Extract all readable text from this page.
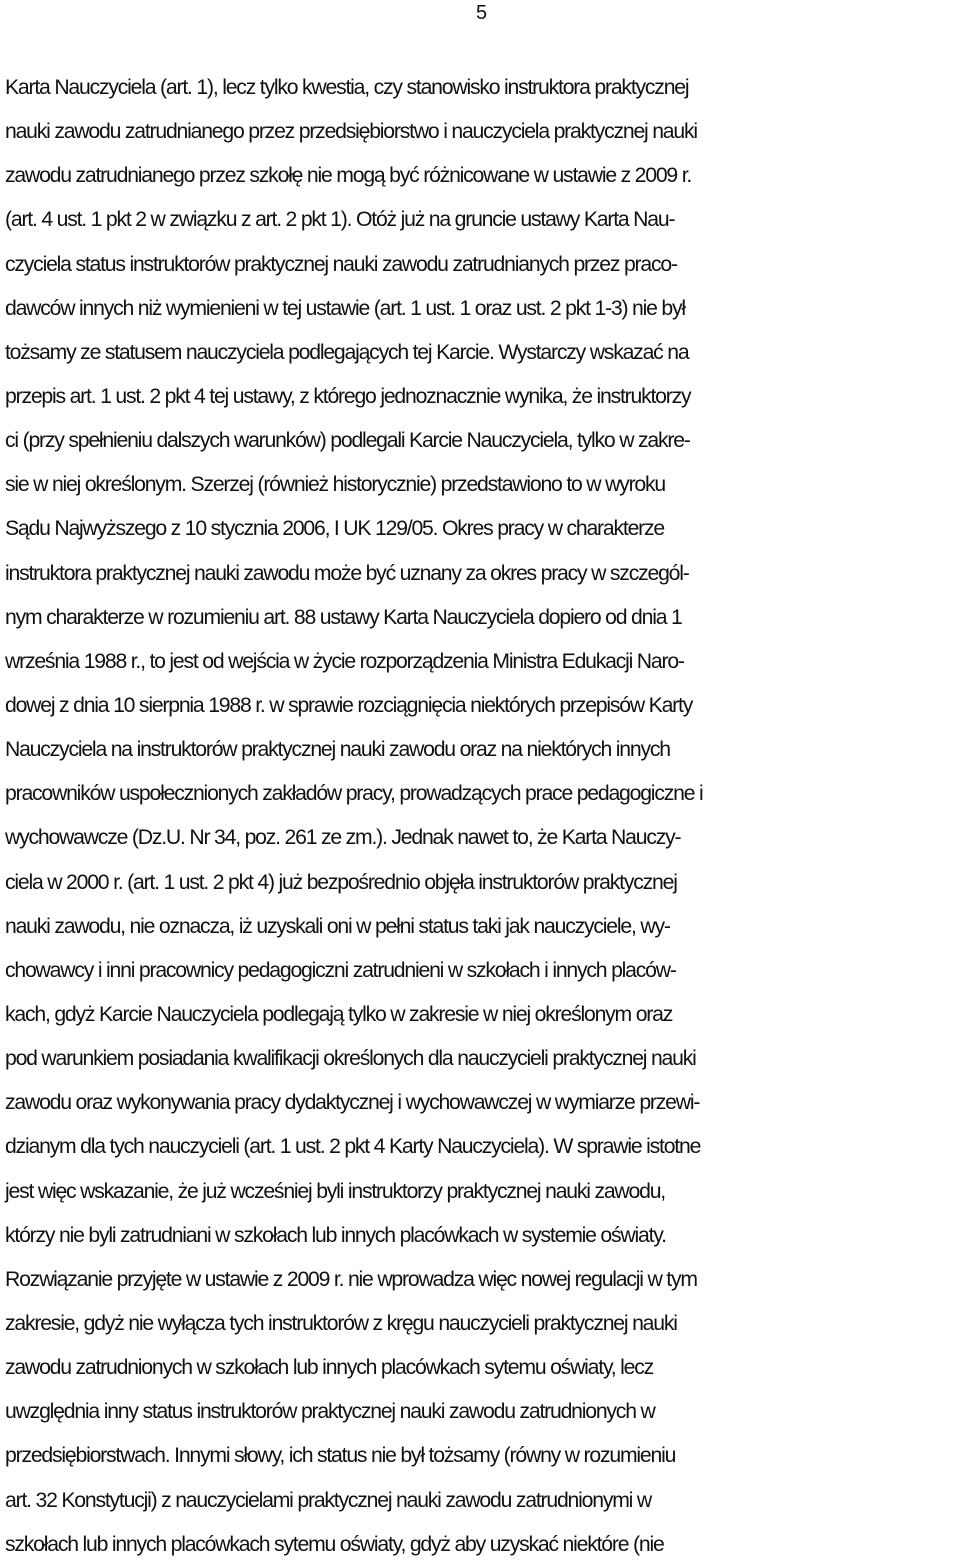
5
Karta Nauczyciela (art. 1), lecz tylko kwestia, czy stanowisko instruktora praktycznej
nauki zawodu zatrudnianego przez przedsiębiorstwo i nauczyciela praktycznej nauki
zawodu zatrudnianego przez szkołę nie mogą być różnicowane w ustawie z 2009 r.
(art. 4 ust. 1 pkt 2 w związku z art. 2 pkt 1). Otóż już na gruncie ustawy Karta Nau-
czyciela status instruktorów praktycznej nauki zawodu zatrudnianych przez praco-
dawców innych niż wymienieni w tej ustawie (art. 1 ust. 1 oraz ust. 2 pkt 1-3) nie był
tożsamy ze statusem nauczyciela podlegających tej Karcie. Wystarczy wskazać na
przepis art. 1 ust. 2 pkt 4 tej ustawy, z którego jednoznacznie wynika, że instruktorzy
ci (przy spełnieniu dalszych warunków) podlegali Karcie Nauczyciela, tylko w zakre-
sie w niej określonym. Szerzej (również historycznie) przedstawiono to w wyroku
Sądu Najwyższego z 10 stycznia 2006, I UK 129/05. Okres pracy w charakterze
instruktora praktycznej nauki zawodu może być uznany za okres pracy w szczegól-
nym charakterze w rozumieniu art. 88 ustawy Karta Nauczyciela dopiero od dnia 1
września 1988 r., to jest od wejścia w życie rozporządzenia Ministra Edukacji Naro-
dowej z dnia 10 sierpnia 1988 r. w sprawie rozciągnięcia niektórych przepisów Karty
Nauczyciela na instruktorów praktycznej nauki zawodu oraz na niektórych innych
pracowników uspołecznionych zakładów pracy, prowadzących prace pedagogiczne i
wychowawcze (Dz.U. Nr 34, poz. 261 ze zm.). Jednak nawet to, że Karta Nauczy-
ciela w 2000 r. (art. 1 ust. 2 pkt 4) już bezpośrednio objęła instruktorów praktycznej
nauki zawodu, nie oznacza, iż uzyskali oni w pełni status taki jak nauczyciele, wy-
chowawcy i inni pracownicy pedagogiczni zatrudnieni w szkołach i innych placów-
kach, gdyż Karcie Nauczyciela podlegają tylko w zakresie w niej określonym oraz
pod warunkiem posiadania kwalifikacji określonych dla nauczycieli praktycznej nauki
zawodu oraz wykonywania pracy dydaktycznej i wychowawczej w wymiarze przewi-
dzianym dla tych nauczycieli (art. 1 ust. 2 pkt 4 Karty Nauczyciela). W sprawie istotne
jest więc wskazanie, że już wcześniej byli instruktorzy praktycznej nauki zawodu,
którzy nie byli zatrudniani w szkołach lub innych placówkach w systemie oświaty.
Rozwiązanie przyjęte w ustawie z 2009 r. nie wprowadza więc nowej regulacji w tym
zakresie, gdyż nie wyłącza tych instruktorów z kręgu nauczycieli praktycznej nauki
zawodu zatrudnionych w szkołach lub innych placówkach sytemu oświaty, lecz
uwzględnia inny status instruktorów praktycznej nauki zawodu zatrudnionych w
przedsiębiorstwach. Innymi słowy, ich status nie był tożsamy (równy w rozumieniu
art. 32 Konstytucji) z nauczycielami praktycznej nauki zawodu zatrudnionymi w
szkołach lub innych placówkach sytemu oświaty, gdyż aby uzyskać niektóre (nie
